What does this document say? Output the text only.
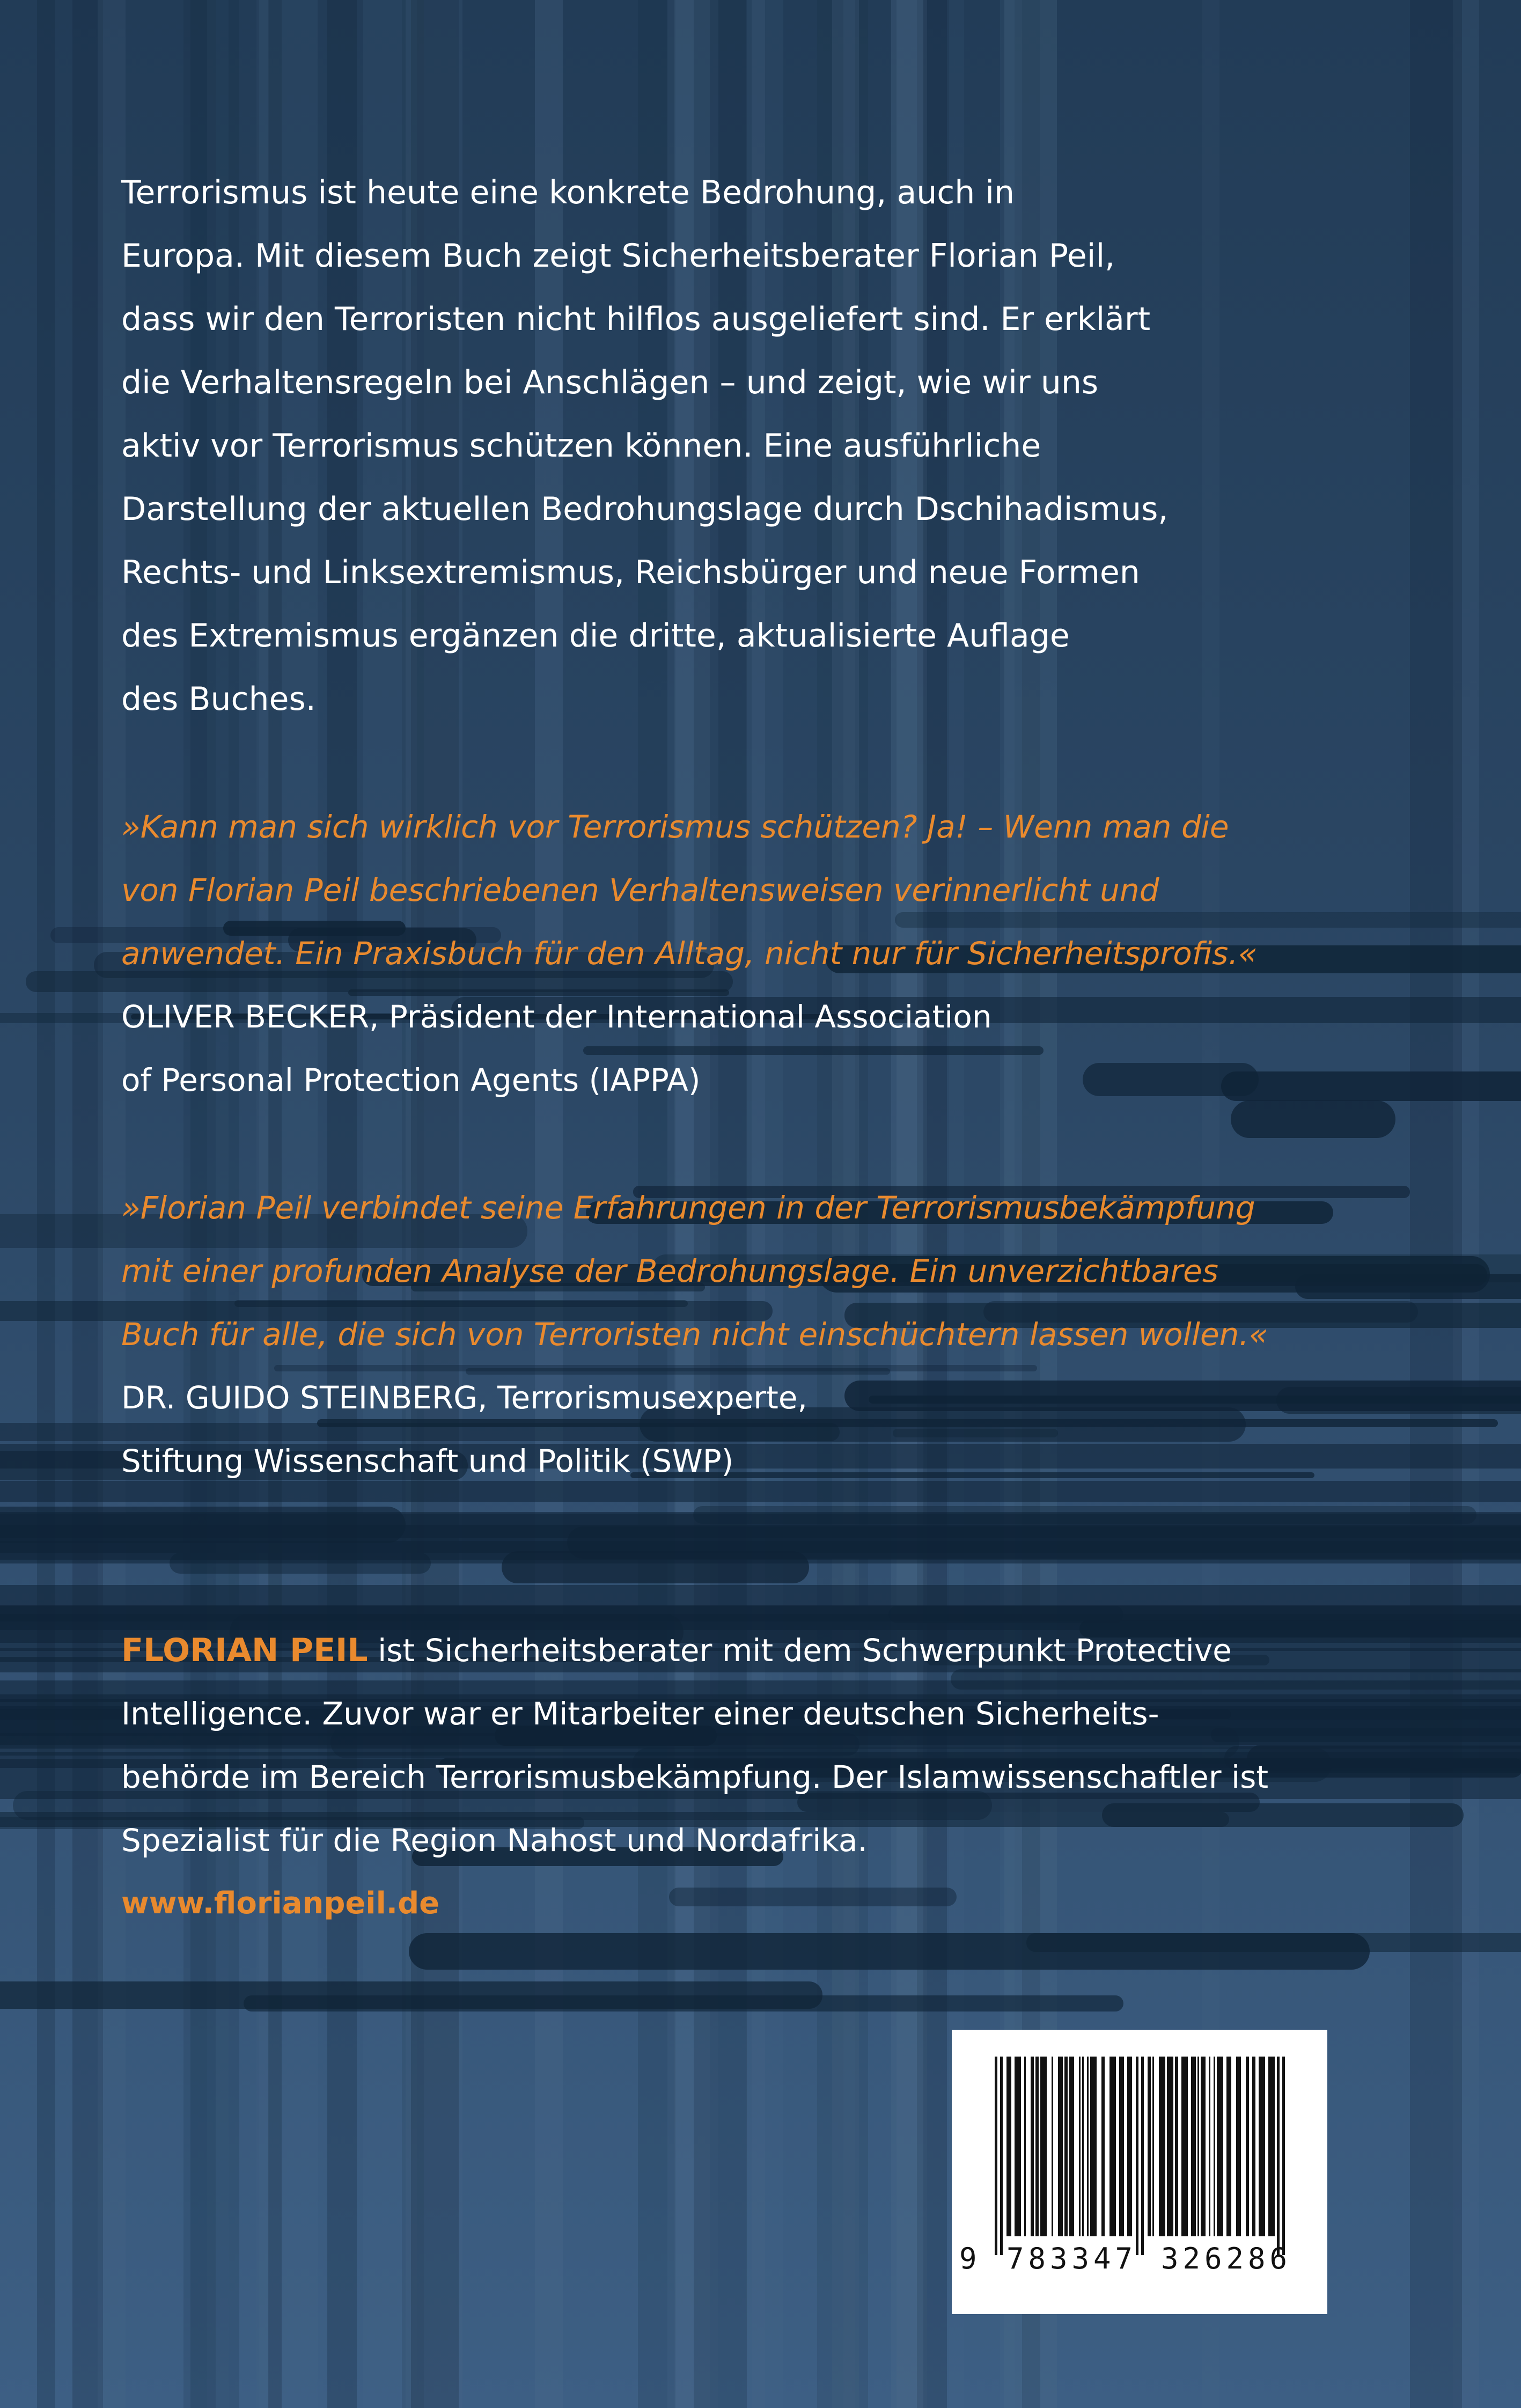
Terrorismus ist heute eine konkrete Bedrohung, auch in
Europa. Mit diesem Buch zeigt Sicherheitsberater Florian Peil,
dass wir den Terroristen nicht hilflos ausgeliefert sind. Er erklärt
die Verhaltensregeln bei Anschlägen – und zeigt, wie wir uns
aktiv vor Terrorismus schützen können. Eine ausführliche
Darstellung der aktuellen Bedrohungslage durch Dschihadismus,
Rechts- und Linksextremismus, Reichsbürger und neue Formen
des Extremismus ergänzen die dritte, aktualisierte Auflage
des Buches.

»Kann man sich wirklich vor Terrorismus schützen? Ja! – Wenn man die
von Florian Peil beschriebenen Verhaltensweisen verinnerlicht und
anwendet. Ein Praxisbuch für den Alltag, nicht nur für Sicherheitsprofis.«
OLIVER BECKER, Präsident der International Association
of Personal Protection Agents (IAPPA)
»Florian Peil verbindet seine Erfahrungen in der Terrorismusbekämpfung
mit einer profunden Analyse der Bedrohungslage. Ein unverzichtbares
Buch für alle, die sich von Terroristen nicht einschüchtern lassen wollen.«
DR. GUIDO STEINBERG, Terrorismusexperte,
Stiftung Wissenschaft und Politik (SWP)
FLORIAN PEIL ist Sicherheitsberater mit dem Schwerpunkt Protective
Intelligence. Zuvor war er Mitarbeiter einer deutschen Sicherheits-
behörde im Bereich Terrorismusbekämpfung. Der Islamwissenschaftler ist
Spezialist für die Region Nahost und Nordafrika.
www.florianpeil.de
9 783347 326286
